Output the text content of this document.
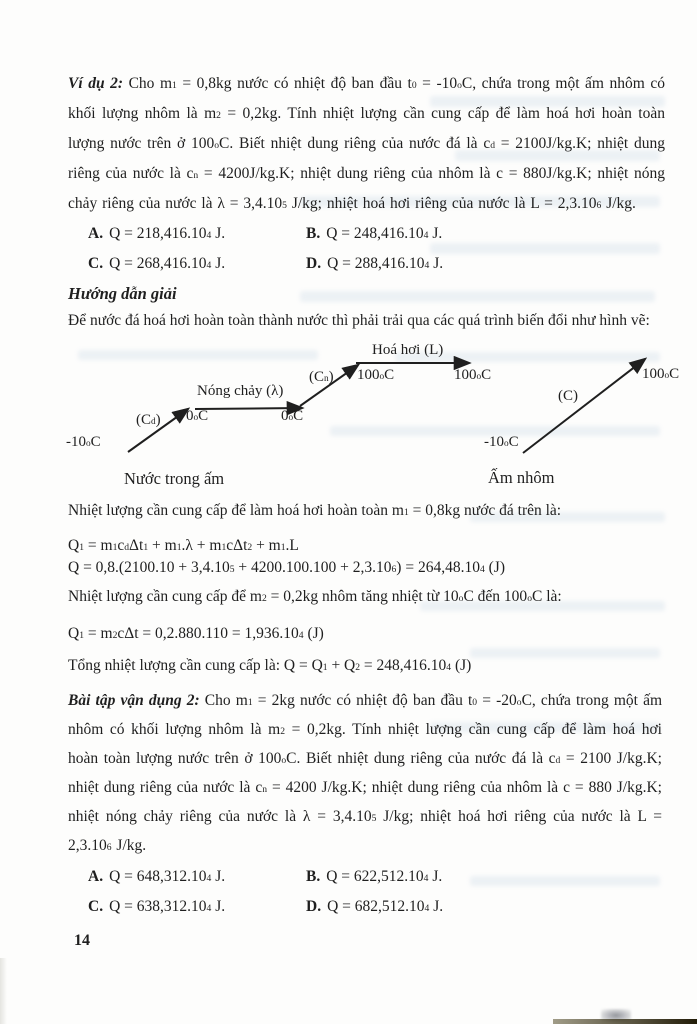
Ví dụ 2: Cho $m_1 = 0,8kg$ nước có nhiệt độ ban đầu $t_0 = -10^oC$, chứa trong một ấm nhôm có khối lượng nhôm là $m_2 = 0,2kg$. Tính nhiệt lượng cần cung cấp để làm hoá hơi hoàn toàn lượng nước trên ở 100$^o$C. Biết nhiệt dung riêng của nước đá là $c_d = 2100J/kg.K$; nhiệt dung riêng của nước là $c_n = 4200J/kg.K$; nhiệt dung riêng của nhôm là c = 880J/kg.K; nhiệt nóng chảy riêng của nước là $\lambda = 3,4.10^5$ J/kg; nhiệt hoá hơi riêng của nước là $L = 2,3.10^6$ J/kg.

A. $Q = 218,416.10^4$ J.	B. $Q = 248,416.10^4$ J.
C. $Q = 268,416.10^4$ J.	D. $Q = 288,416.10^4$ J.
Hướng dẫn giải

Để nước đá hoá hơi hoàn toàn thành nước thì phải trải qua các quá trình biến đổi như hình vẽ:

-10$^o$C
$(C_d)$ 0$^o$C
Nóng chảy (λ)
0$^o$C
$(C_n)$ 100$^o$C
Hoá hơi (L)
100$^o$C
-10$^o$C
(C)
100$^o$C
Nước trong ấm	Ấm nhôm

Nhiệt lượng cần cung cấp để làm hoá hơi hoàn toàn $m_1 = 0,8kg$ nước đá trên là:

$Q_1 = m_1c_d\Delta t_1 + m_1.\lambda + m_1c\Delta t_2 + m_1.L$

$Q = 0,8.(2100.10 + 3,4.10^5 + 4200.100.100 + 2,3.10^6) = 264,48.10^4$ (J)

Nhiệt lượng cần cung cấp để $m_2 = 0,2kg$ nhôm tăng nhiệt từ 10$^o$C đến 100$^o$C là:

$Q_1 = m_2c\Delta t = 0,2.880.110 = 1,936.10^4$ (J)

Tổng nhiệt lượng cần cung cấp là: $Q = Q_1 + Q_2 = 248,416.10^4$ (J)

Bài tập vận dụng 2: Cho $m_1 = 2kg$ nước có nhiệt độ ban đầu $t_0 = -20^oC$, chứa trong một ấm nhôm có khối lượng nhôm là $m_2 = 0,2kg$. Tính nhiệt lượng cần cung cấp để làm hoá hơi hoàn toàn lượng nước trên ở 100$^o$C. Biết nhiệt dung riêng của nước đá là $c_d = 2100$ J/kg.K; nhiệt dung riêng của nước là $c_n = 4200$ J/kg.K; nhiệt dung riêng của nhôm là c = 880 J/kg.K; nhiệt nóng chảy riêng của nước là $\lambda = 3,4.10^5$ J/kg; nhiệt hoá hơi riêng của nước là $L = 2,3.10^6$ J/kg.

A. $Q = 648,312.10^4$ J.	B. $Q = 622,512.10^4$ J.
C. $Q = 638,312.10^4$ J.	D. $Q = 682,512.10^4$ J.
14
